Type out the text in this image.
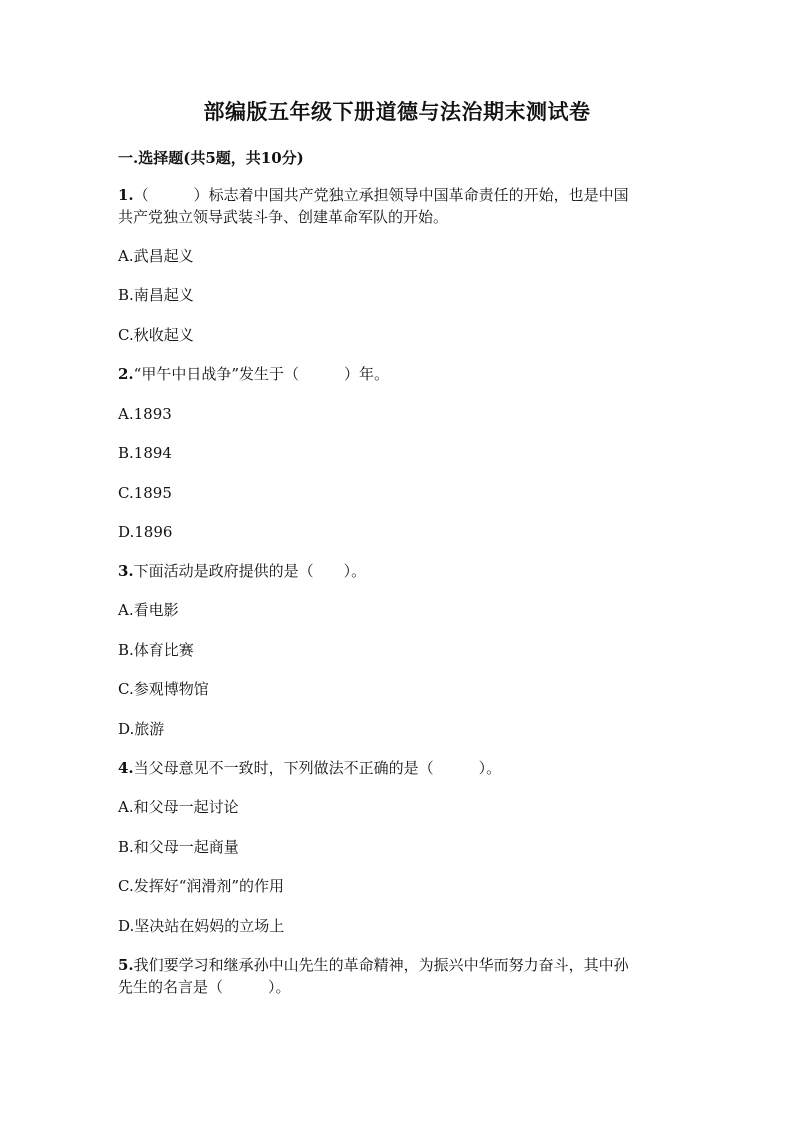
部编版五年级下册道德与法治期末测试卷
一.选择题(共5题，共10分)
1.（　　　）标志着中国共产党独立承担领导中国革命责任的开始，也是中国
共产党独立领导武装斗争、创建革命军队的开始。
A.武昌起义
B.南昌起义
C.秋收起义
2.“甲午中日战争”发生于（　　　）年。
A.1893
B.1894
C.1895
D.1896
3.下面活动是政府提供的是（　　）。
A.看电影
B.体育比赛
C.参观博物馆
D.旅游
4.当父母意见不一致时，下列做法不正确的是（　　　）。
A.和父母一起讨论
B.和父母一起商量
C.发挥好“润滑剂”的作用
D.坚决站在妈妈的立场上
5.我们要学习和继承孙中山先生的革命精神，为振兴中华而努力奋斗，其中孙
先生的名言是（　　　）。
